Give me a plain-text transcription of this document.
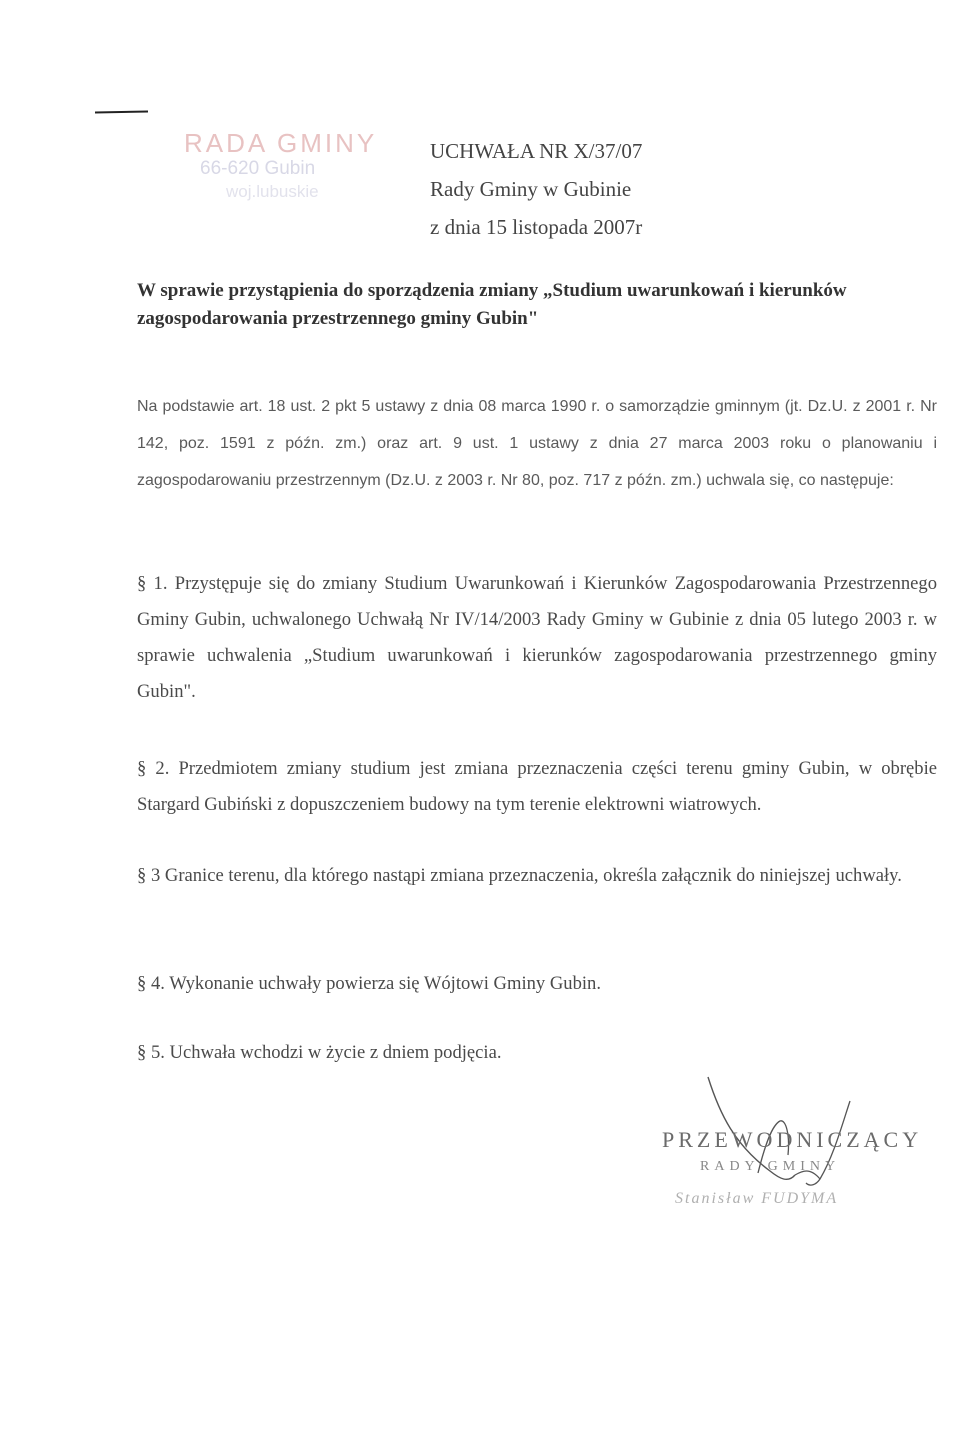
RADA GMINY
66-620 Gubin
woj.lubuskie
UCHWAŁA NR X/37/07
Rady Gminy w Gubinie
z dnia 15 listopada 2007r
W sprawie przystąpienia do sporządzenia zmiany „Studium uwarunkowań i kierunków zagospodarowania przestrzennego gminy Gubin"
Na podstawie art. 18 ust. 2 pkt 5 ustawy z dnia 08 marca 1990 r. o samorządzie gminnym (jt. Dz.U. z 2001 r. Nr 142, poz. 1591 z późn. zm.) oraz art. 9 ust. 1 ustawy z dnia 27 marca 2003 roku o planowaniu i zagospodarowaniu przestrzennym (Dz.U. z 2003 r. Nr 80, poz. 717 z późn. zm.) uchwala się, co następuje:
§ 1. Przystępuje się do zmiany Studium Uwarunkowań i Kierunków Zagospodarowania Przestrzennego Gminy Gubin, uchwalonego Uchwałą Nr IV/14/2003 Rady Gminy w Gubinie z dnia 05 lutego 2003 r. w sprawie uchwalenia „Studium uwarunkowań i kierunków zagospodarowania przestrzennego gminy Gubin".
§ 2. Przedmiotem zmiany studium jest zmiana przeznaczenia części terenu gminy Gubin, w obrębie Stargard Gubiński z dopuszczeniem budowy na tym terenie elektrowni wiatrowych.
§ 3 Granice terenu, dla którego nastąpi zmiana przeznaczenia, określa załącznik do niniejszej uchwały.
§ 4. Wykonanie uchwały powierza się Wójtowi Gminy Gubin.
§ 5. Uchwała wchodzi w życie z dniem podjęcia.
PRZEWODNICZĄCY
RADY GMINY
Stanisław FUDYMA
